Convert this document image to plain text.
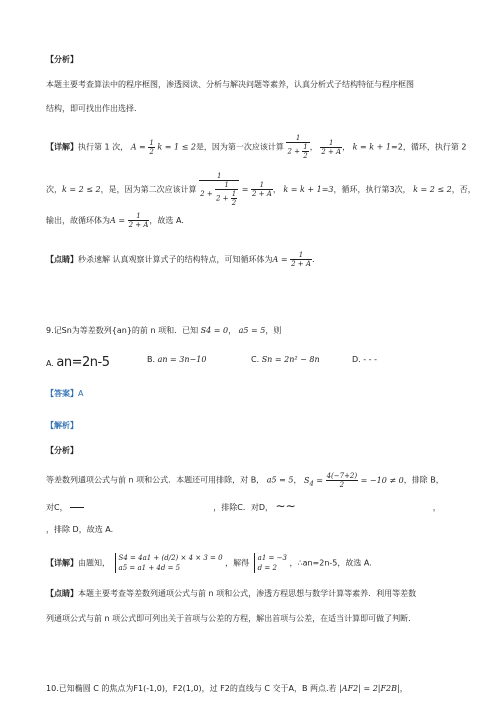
【分析】
本题主要考查算法中的程序框图，渗透阅读、分析与解决问题等素养，认真分析式子结构特征与程序框图
结构，即可找出作出选择.
【详解】执行第 1 次， $A = \frac{1}{2}$ k = 1 ≤ 2是，因为第一次应该计算 $\frac{1}{2 + \frac{1}{2}}$ ， $\frac{1}{2 + A}$ ， k = k + 1=2，循环，执行第 2
次，k = 2 ≤ 2，是，因为第二次应该计算 $\frac{1}{2 + \frac{1}{2 + \frac{1}{2}}} = \frac{1}{2 + A}$ ， k = k + 1=3，循环，执行第3次， k = 2 ≤ 2，否，
输出，故循环体为$A = \frac{1}{2 + A}$ ，故选 A.
【点睛】秒杀速解 认真观察计算式子的结构特点，可知循环体为$A = \frac{1}{2 + A}$ .
9.记Sn为等差数列{an}的前 n 项和．已知 S4 = 0， a5 = 5，则
A. an=2n-5	B. an = 3n−10	C. Sn = 2n² − 8n	D. - - -
【答案】A
【解析】
【分析】
等差数列通项公式与前 n 项和公式．本题还可用排除，对 B， a5 = 5， $S_4 = \frac{4(-7+2)}{2} = -10 \ne 0$，排除 B，
对C，	，排除C．对D， ∼∼	，
，排除 D，故选 A.
【详解】由题知，
S4 = 4a1 + (d/2) × 4 × 3 = 0
a5 = a1 + 4d = 5
，解得
a1 = −3
d = 2
，∴an=2n-5，故选 A.
【点睛】本题主要考查等差数列通项公式与前 n 项和公式，渗透方程思想与数学计算等素养．利用等差数
列通项公式与前 n 项公式即可列出关于首项与公差的方程，解出首项与公差，在适当计算即可做了判断．
10.已知椭圆 C 的焦点为F1(-1,0)，F2(1,0)，过 F2的直线与 C 交于A，B 两点.若 |AF2| = 2|F2B|，
